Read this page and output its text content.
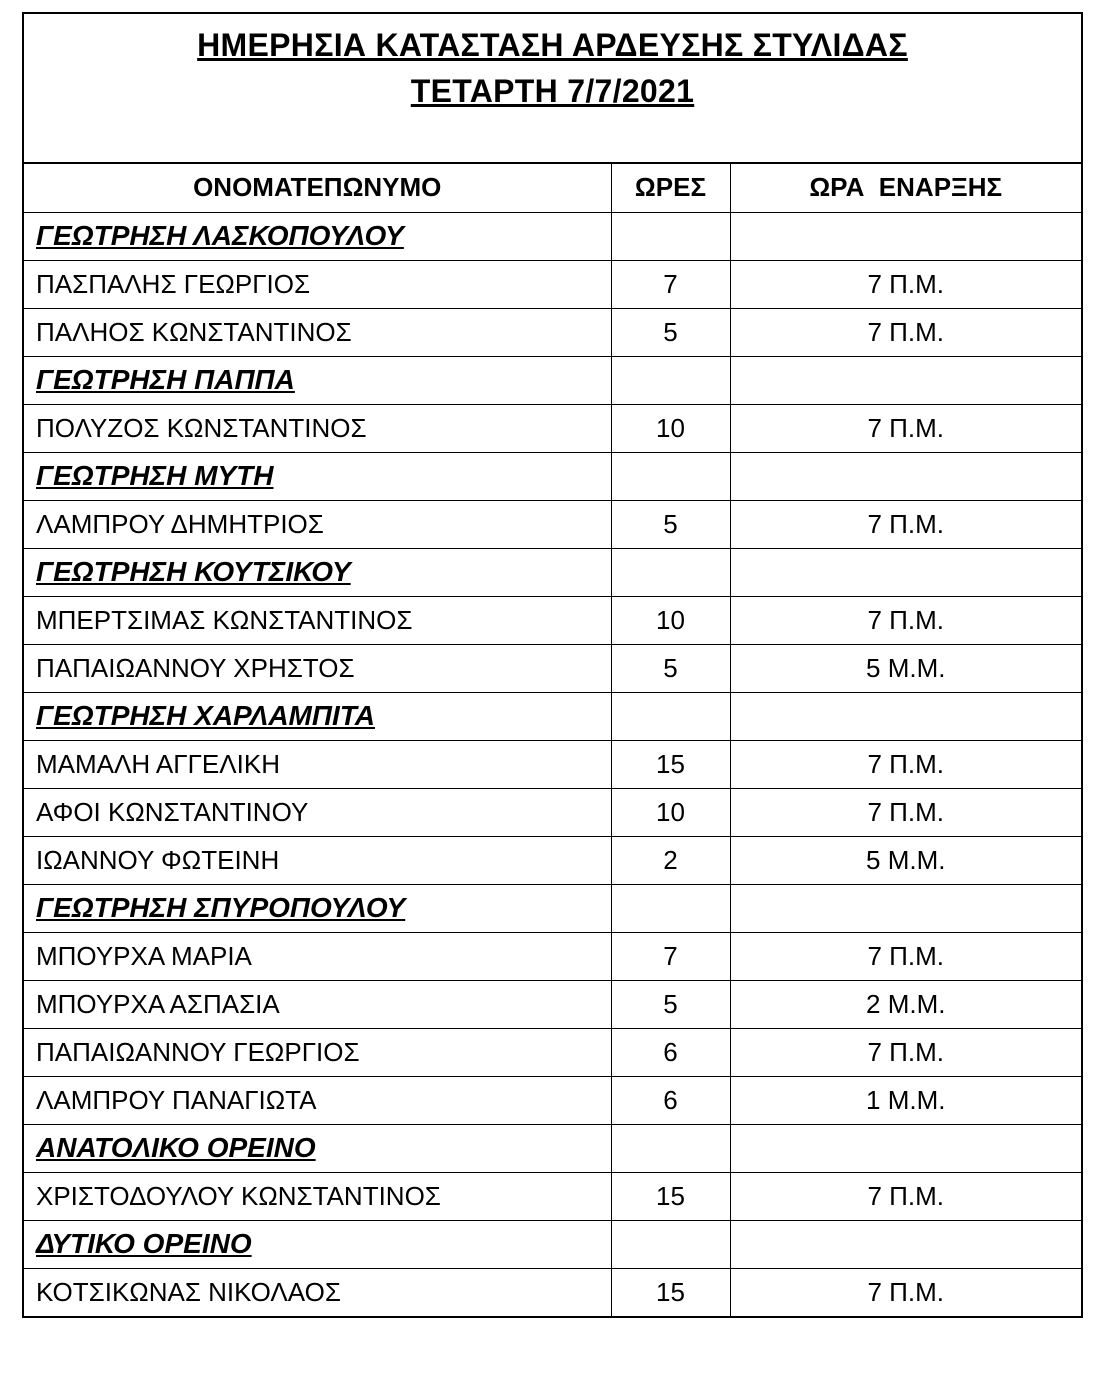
ΗΜΕΡΗΣΙΑ ΚΑΤΑΣΤΑΣΗ ΑΡΔΕΥΣΗΣ ΣΤΥΛΙΔΑΣ
ΤΕΤΑΡΤΗ 7/7/2021
ΟΝΟΜΑΤΕΠΩΝΥΜΟ	ΩΡΕΣ	ΩΡΑ  ΕΝΑΡΞΗΣ
ΓΕΩΤΡΗΣΗ ΛΑΣΚΟΠΟΥΛΟΥ		
ΠΑΣΠΑΛΗΣ ΓΕΩΡΓΙΟΣ	7	7 Π.Μ.
ΠΑΛΗΟΣ ΚΩΝΣΤΑΝΤΙΝΟΣ	5	7 Π.Μ.
ΓΕΩΤΡΗΣΗ ΠΑΠΠΑ		
ΠΟΛΥΖΟΣ ΚΩΝΣΤΑΝΤΙΝΟΣ	10	7 Π.Μ.
ΓΕΩΤΡΗΣΗ ΜΥΤΗ		
ΛΑΜΠΡΟΥ ΔΗΜΗΤΡΙΟΣ	5	7 Π.Μ.
ΓΕΩΤΡΗΣΗ ΚΟΥΤΣΙΚΟΥ		
ΜΠΕΡΤΣΙΜΑΣ ΚΩΝΣΤΑΝΤΙΝΟΣ	10	7 Π.Μ.
ΠΑΠΑΙΩΑΝΝΟΥ ΧΡΗΣΤΟΣ	5	5 Μ.Μ.
ΓΕΩΤΡΗΣΗ ΧΑΡΛΑΜΠΙΤΑ		
ΜΑΜΑΛΗ ΑΓΓΕΛΙΚΗ	15	7 Π.Μ.
ΑΦΟΙ ΚΩΝΣΤΑΝΤΙΝΟΥ	10	7 Π.Μ.
ΙΩΑΝΝΟΥ ΦΩΤΕΙΝΗ	2	5 Μ.Μ.
ΓΕΩΤΡΗΣΗ ΣΠΥΡΟΠΟΥΛΟΥ		
ΜΠΟΥΡΧΑ ΜΑΡΙΑ	7	7 Π.Μ.
ΜΠΟΥΡΧΑ ΑΣΠΑΣΙΑ	5	2 Μ.Μ.
ΠΑΠΑΙΩΑΝΝΟΥ ΓΕΩΡΓΙΟΣ	6	7 Π.Μ.
ΛΑΜΠΡΟΥ ΠΑΝΑΓΙΩΤΑ	6	1 Μ.Μ.
ΑΝΑΤΟΛΙΚΟ ΟΡΕΙΝΟ		
ΧΡΙΣΤΟΔΟΥΛΟΥ ΚΩΝΣΤΑΝΤΙΝΟΣ	15	7 Π.Μ.
ΔΥΤΙΚΟ ΟΡΕΙΝΟ		
ΚΟΤΣΙΚΩΝΑΣ ΝΙΚΟΛΑΟΣ	15	7 Π.Μ.
